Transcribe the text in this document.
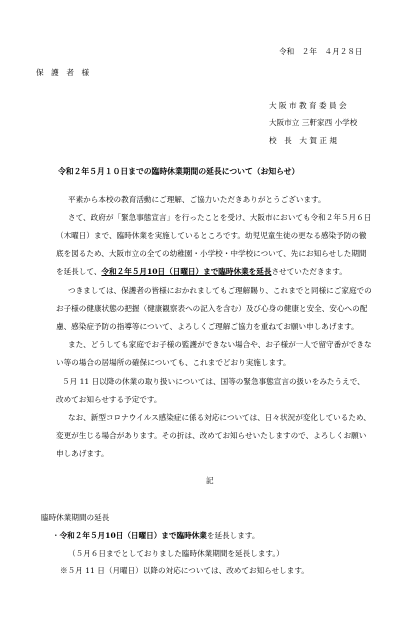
令和　２年　４月２８日
保　護　者　様
大 阪 市 教 育 委 員 会
大阪市立 三軒家西 小学校
校　長　大 賀 正 規
令和２年５月１０日までの臨時休業期間の延長について（お知らせ）
平素から本校の教育活動にご理解、ご協力いただきありがとうございます。
さて、政府が「緊急事態宣言」を行ったことを受け、大阪市においても令和２年５月６日
（木曜日）まで、臨時休業を実施しているところです。幼児児童生徒の更なる感染予防の徹
底を図るため、大阪市立の全ての幼稚園・小学校・中学校について、先にお知らせした期間
を延長して、令和２年５月10日（日曜日）まで臨時休業を延長させていただきます。
つきましては、保護者の皆様におかれましてもご理解賜り、これまでと同様にご家庭での
お子様の健康状態の把握（健康観察表への記入を含む）及び心身の健康と安全、安心への配
慮、感染症予防の指導等について、よろしくご理解ご協力を重ねてお願い申しあげます。
また、どうしても家庭でお子様の監護ができない場合や、お子様が一人で留守番ができな
い等の場合の居場所の確保についても、これまでどおり実施します。
５月 11 日以降の休業の取り扱いについては、国等の緊急事態宣言の扱いをみたうえで、
改めてお知らせする予定です。
なお、新型コロナウイルス感染症に係る対応については、日々状況が変化しているため、
変更が生じる場合があります。その折は、改めてお知らせいたしますので、よろしくお願い
申しあげます。
記
臨時休業期間の延長
・令和２年５月10日（日曜日）まで臨時休業を延長します。
（５月６日までとしておりました臨時休業期間を延長します。）
※５月 11 日（月曜日）以降の対応については、改めてお知らせします。
